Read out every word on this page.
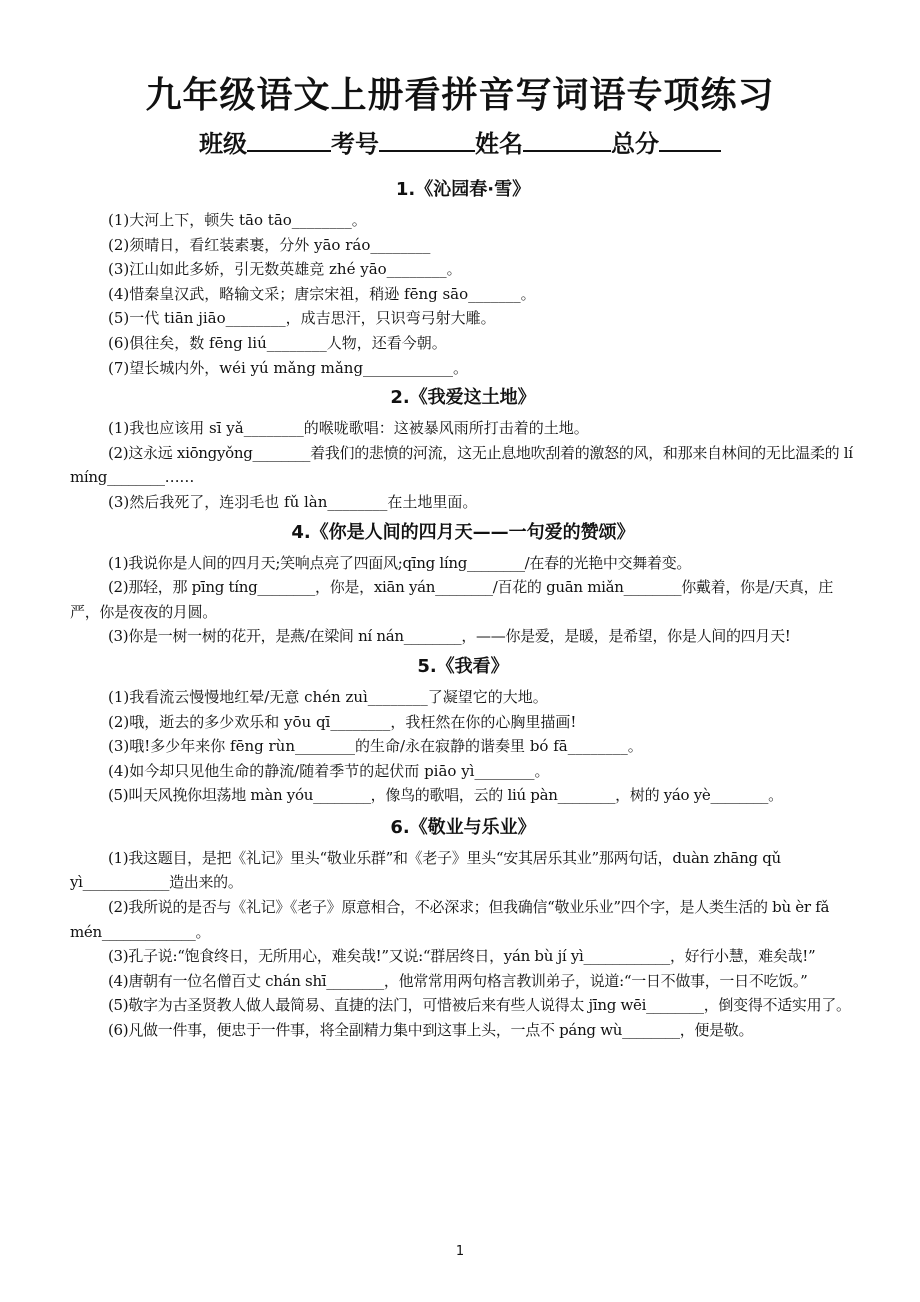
九年级语文上册看拼音写词语专项练习
班级	考号	姓名	总分
1.《沁园春·雪》

(1)大河上下，顿失 tāo tāo________。

(2)须晴日，看红装素裹，分外 yāo ráo________

(3)江山如此多娇，引无数英雄竞 zhé yāo________。

(4)惜秦皇汉武，略输文采；唐宗宋祖，稍逊 fēng sāo_______。

(5)一代 tiān jiāo________，成吉思汗，只识弯弓射大雕。

(6)俱往矣，数 fēng liú________人物，还看今朝。

(7)望长城内外，wéi yú mǎng mǎng____________。

2.《我爱这土地》

(1)我也应该用 sī yǎ________的喉咙歌唱：这被暴风雨所打击着的土地。

(2)这永远 xiōngyǒng________着我们的悲愤的河流，这无止息地吹刮着的激怒的风，和那来自林间的无比温柔的 lí míng________……

(3)然后我死了，连羽毛也 fǔ làn________在土地里面。

4.《你是人间的四月天——一句爱的赞颂》

(1)我说你是人间的四月天;笑响点亮了四面风;qīng líng________/在春的光艳中交舞着变。

(2)那轻，那 pīng tíng________，你是，xiān yán________/百花的 guān miǎn________你戴着，你是/天真，庄严，你是夜夜的月圆。

(3)你是一树一树的花开，是燕/在梁间 ní nán________，——你是爱，是暖，是希望，你是人间的四月天!

5.《我看》

(1)我看流云慢慢地红晕/无意 chén zuì________了凝望它的大地。

(2)哦，逝去的多少欢乐和 yōu qī________，我枉然在你的心胸里描画!

(3)哦!多少年来你 fēng rùn________的生命/永在寂静的谐奏里 bó fā________。

(4)如今却只见他生命的静流/随着季节的起伏而 piāo yì________。

(5)叫天风挽你坦荡地 màn yóu________，像鸟的歌唱，云的 liú pàn________，树的 yáo yè________。

6.《敬业与乐业》

(1)我这题目，是把《礼记》里头“敬业乐群”和《老子》里头“安其居乐其业”那两句话，duàn zhāng qǔ yì____________造出来的。

(2)我所说的是否与《礼记》《老子》原意相合，不必深求；但我确信“敬业乐业”四个字，是人类生活的 bù èr fǎ mén_____________。

(3)孔子说:“饱食终日，无所用心，难矣哉!”又说:“群居终日，yán bù jí yì____________，好行小慧，难矣哉!”

(4)唐朝有一位名僧百丈 chán shī________，他常常用两句格言教训弟子，说道:“一日不做事，一日不吃饭。”

(5)敬字为古圣贤教人做人最简易、直捷的法门，可惜被后来有些人说得太 jīng wēi________，倒变得不适实用了。

(6)凡做一件事，便忠于一件事，将全副精力集中到这事上头，一点不 páng wù________，便是敬。

1
